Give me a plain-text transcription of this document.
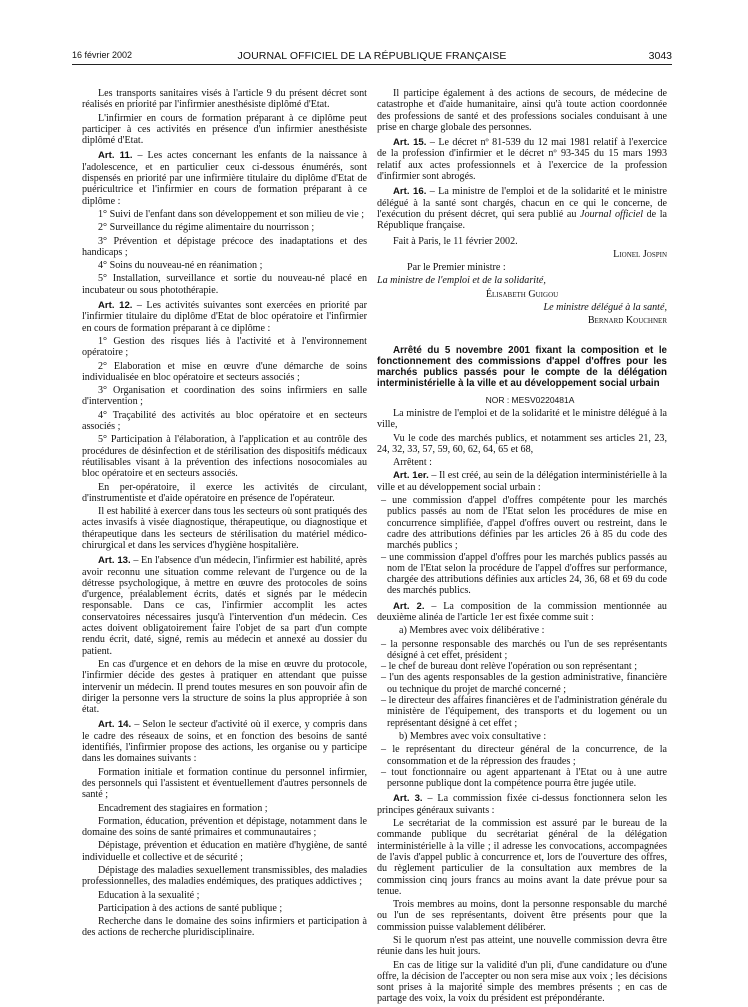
16 février 2002	JOURNAL OFFICIEL DE LA RÉPUBLIQUE FRANÇAISE	3043

Les transports sanitaires visés à l'article 9 du présent décret sont réalisés en priorité par l'infirmier anesthésiste diplômé d'Etat.

L'infirmier en cours de formation préparant à ce diplôme peut participer à ces activités en présence d'un infirmier anesthésiste diplômé d'Etat.

Art. 11. – Les actes concernant les enfants de la naissance à l'adolescence, et en particulier ceux ci-dessous énumérés, sont dispensés en priorité par une infirmière titulaire du diplôme d'Etat de puéricultrice et l'infirmier en cours de formation préparant à ce diplôme :

1° Suivi de l'enfant dans son développement et son milieu de vie ;

2° Surveillance du régime alimentaire du nourrisson ;

3° Prévention et dépistage précoce des inadaptations et des handicaps ;

4° Soins du nouveau-né en réanimation ;

5° Installation, surveillance et sortie du nouveau-né placé en incubateur ou sous photothérapie.

Art. 12. – Les activités suivantes sont exercées en priorité par l'infirmier titulaire du diplôme d'Etat de bloc opératoire et l'infirmier en cours de formation préparant à ce diplôme :

1° Gestion des risques liés à l'activité et à l'environnement opératoire ;

2° Elaboration et mise en œuvre d'une démarche de soins individualisée en bloc opératoire et secteurs associés ;

3° Organisation et coordination des soins infirmiers en salle d'intervention ;

4° Traçabilité des activités au bloc opératoire et en secteurs associés ;

5° Participation à l'élaboration, à l'application et au contrôle des procédures de désinfection et de stérilisation des dispositifs médicaux réutilisables visant à la prévention des infections nosocomiales au bloc opératoire et en secteurs associés.

En per-opératoire, il exerce les activités de circulant, d'instrumentiste et d'aide opératoire en présence de l'opérateur.

Il est habilité à exercer dans tous les secteurs où sont pratiqués des actes invasifs à visée diagnostique, thérapeutique, ou diagnostique et thérapeutique dans les secteurs de stérilisation du matériel médico-chirurgical et dans les services d'hygiène hospitalière.

Art. 13. – En l'absence d'un médecin, l'infirmier est habilité, après avoir reconnu une situation comme relevant de l'urgence ou de la détresse psychologique, à mettre en œuvre des protocoles de soins d'urgence, préalablement écrits, datés et signés par le médecin responsable. Dans ce cas, l'infirmier accomplit les actes conservatoires nécessaires jusqu'à l'intervention d'un médecin. Ces actes doivent obligatoirement faire l'objet de sa part d'un compte rendu écrit, daté, signé, remis au médecin et annexé au dossier du patient.

En cas d'urgence et en dehors de la mise en œuvre du protocole, l'infirmier décide des gestes à pratiquer en attendant que puisse intervenir un médecin. Il prend toutes mesures en son pouvoir afin de diriger la personne vers la structure de soins la plus appropriée à son état.

Art. 14. – Selon le secteur d'activité où il exerce, y compris dans le cadre des réseaux de soins, et en fonction des besoins de santé identifiés, l'infirmier propose des actions, les organise ou y participe dans les domaines suivants :

Formation initiale et formation continue du personnel infirmier, des personnels qui l'assistent et éventuellement d'autres personnels de santé ;

Encadrement des stagiaires en formation ;

Formation, éducation, prévention et dépistage, notamment dans le domaine des soins de santé primaires et communautaires ;

Dépistage, prévention et éducation en matière d'hygiène, de santé individuelle et collective et de sécurité ;

Dépistage des maladies sexuellement transmissibles, des maladies professionnelles, des maladies endémiques, des pratiques addictives ;

Education à la sexualité ;

Participation à des actions de santé publique ;

Recherche dans le domaine des soins infirmiers et participation à des actions de recherche pluridisciplinaire.

Il participe également à des actions de secours, de médecine de catastrophe et d'aide humanitaire, ainsi qu'à toute action coordonnée des professions de santé et des professions sociales conduisant à une prise en charge globale des personnes.

Art. 15. – Le décret nº 81-539 du 12 mai 1981 relatif à l'exercice de la profession d'infirmier et le décret nº 93-345 du 15 mars 1993 relatif aux actes professionnels et à l'exercice de la profession d'infirmier sont abrogés.

Art. 16. – La ministre de l'emploi et de la solidarité et le ministre délégué à la santé sont chargés, chacun en ce qui le concerne, de l'exécution du présent décret, qui sera publié au Journal officiel de la République française.

Fait à Paris, le 11 février 2002.

Lionel Jospin

Par le Premier ministre :

La ministre de l'emploi et de la solidarité,

Élisabeth Guigou

Le ministre délégué à la santé,

Bernard Kouchner

Arrêté du 5 novembre 2001 fixant la composition et le fonctionnement des commissions d'appel d'offres pour les marchés publics passés pour le compte de la délégation interministérielle à la ville et au développement social urbain

NOR : MESV0220481A

La ministre de l'emploi et de la solidarité et le ministre délégué à la ville,

Vu le code des marchés publics, et notamment ses articles 21, 23, 24, 32, 33, 57, 59, 60, 62, 64, 65 et 68,

Arrêtent :

Art. 1er. – Il est créé, au sein de la délégation interministérielle à la ville et au développement social urbain :

– une commission d'appel d'offres compétente pour les marchés publics passés au nom de l'Etat selon les procédures de mise en concurrence simplifiée, d'appel d'offres ouvert ou restreint, dans le cadre des attributions définies par les articles 26 à 85 du code des marchés publics ;
– une commission d'appel d'offres pour les marchés publics passés au nom de l'Etat selon la procédure de l'appel d'offres sur performance, chargée des attributions définies aux articles 24, 36, 68 et 69 du code des marchés publics.

Art. 2. – La composition de la commission mentionnée au deuxième alinéa de l'article 1er est fixée comme suit :

a) Membres avec voix délibérative :

– la personne responsable des marchés ou l'un de ses représentants désigné à cet effet, président ;
– le chef de bureau dont relève l'opération ou son représentant ;
– l'un des agents responsables de la gestion administrative, financière ou technique du projet de marché concerné ;
– le directeur des affaires financières et de l'administration générale du ministère de l'équipement, des transports et du logement ou un représentant désigné à cet effet ;

b) Membres avec voix consultative :

– le représentant du directeur général de la concurrence, de la consommation et de la répression des fraudes ;
– tout fonctionnaire ou agent appartenant à l'Etat ou à une autre personne publique dont la compétence pourra être jugée utile.

Art. 3. – La commission fixée ci-dessus fonctionnera selon les principes généraux suivants :

Le secrétariat de la commission est assuré par le bureau de la commande publique du secrétariat général de la délégation interministérielle à la ville ; il adresse les convocations, accompagnées de l'avis d'appel public à concurrence et, lors de l'ouverture des offres, du règlement particulier de la consultation aux membres de la commission cinq jours francs au moins avant la date prévue pour sa tenue.

Trois membres au moins, dont la personne responsable du marché ou l'un de ses représentants, doivent être présents pour que la commission puisse valablement délibérer.

Si le quorum n'est pas atteint, une nouvelle commission devra être réunie dans les huit jours.

En cas de litige sur la validité d'un pli, d'une candidature ou d'une offre, la décision de l'accepter ou non sera mise aux voix ; les décisions sont prises à la majorité simple des membres présents ; en cas de partage des voix, la voix du président est prépondérante.
